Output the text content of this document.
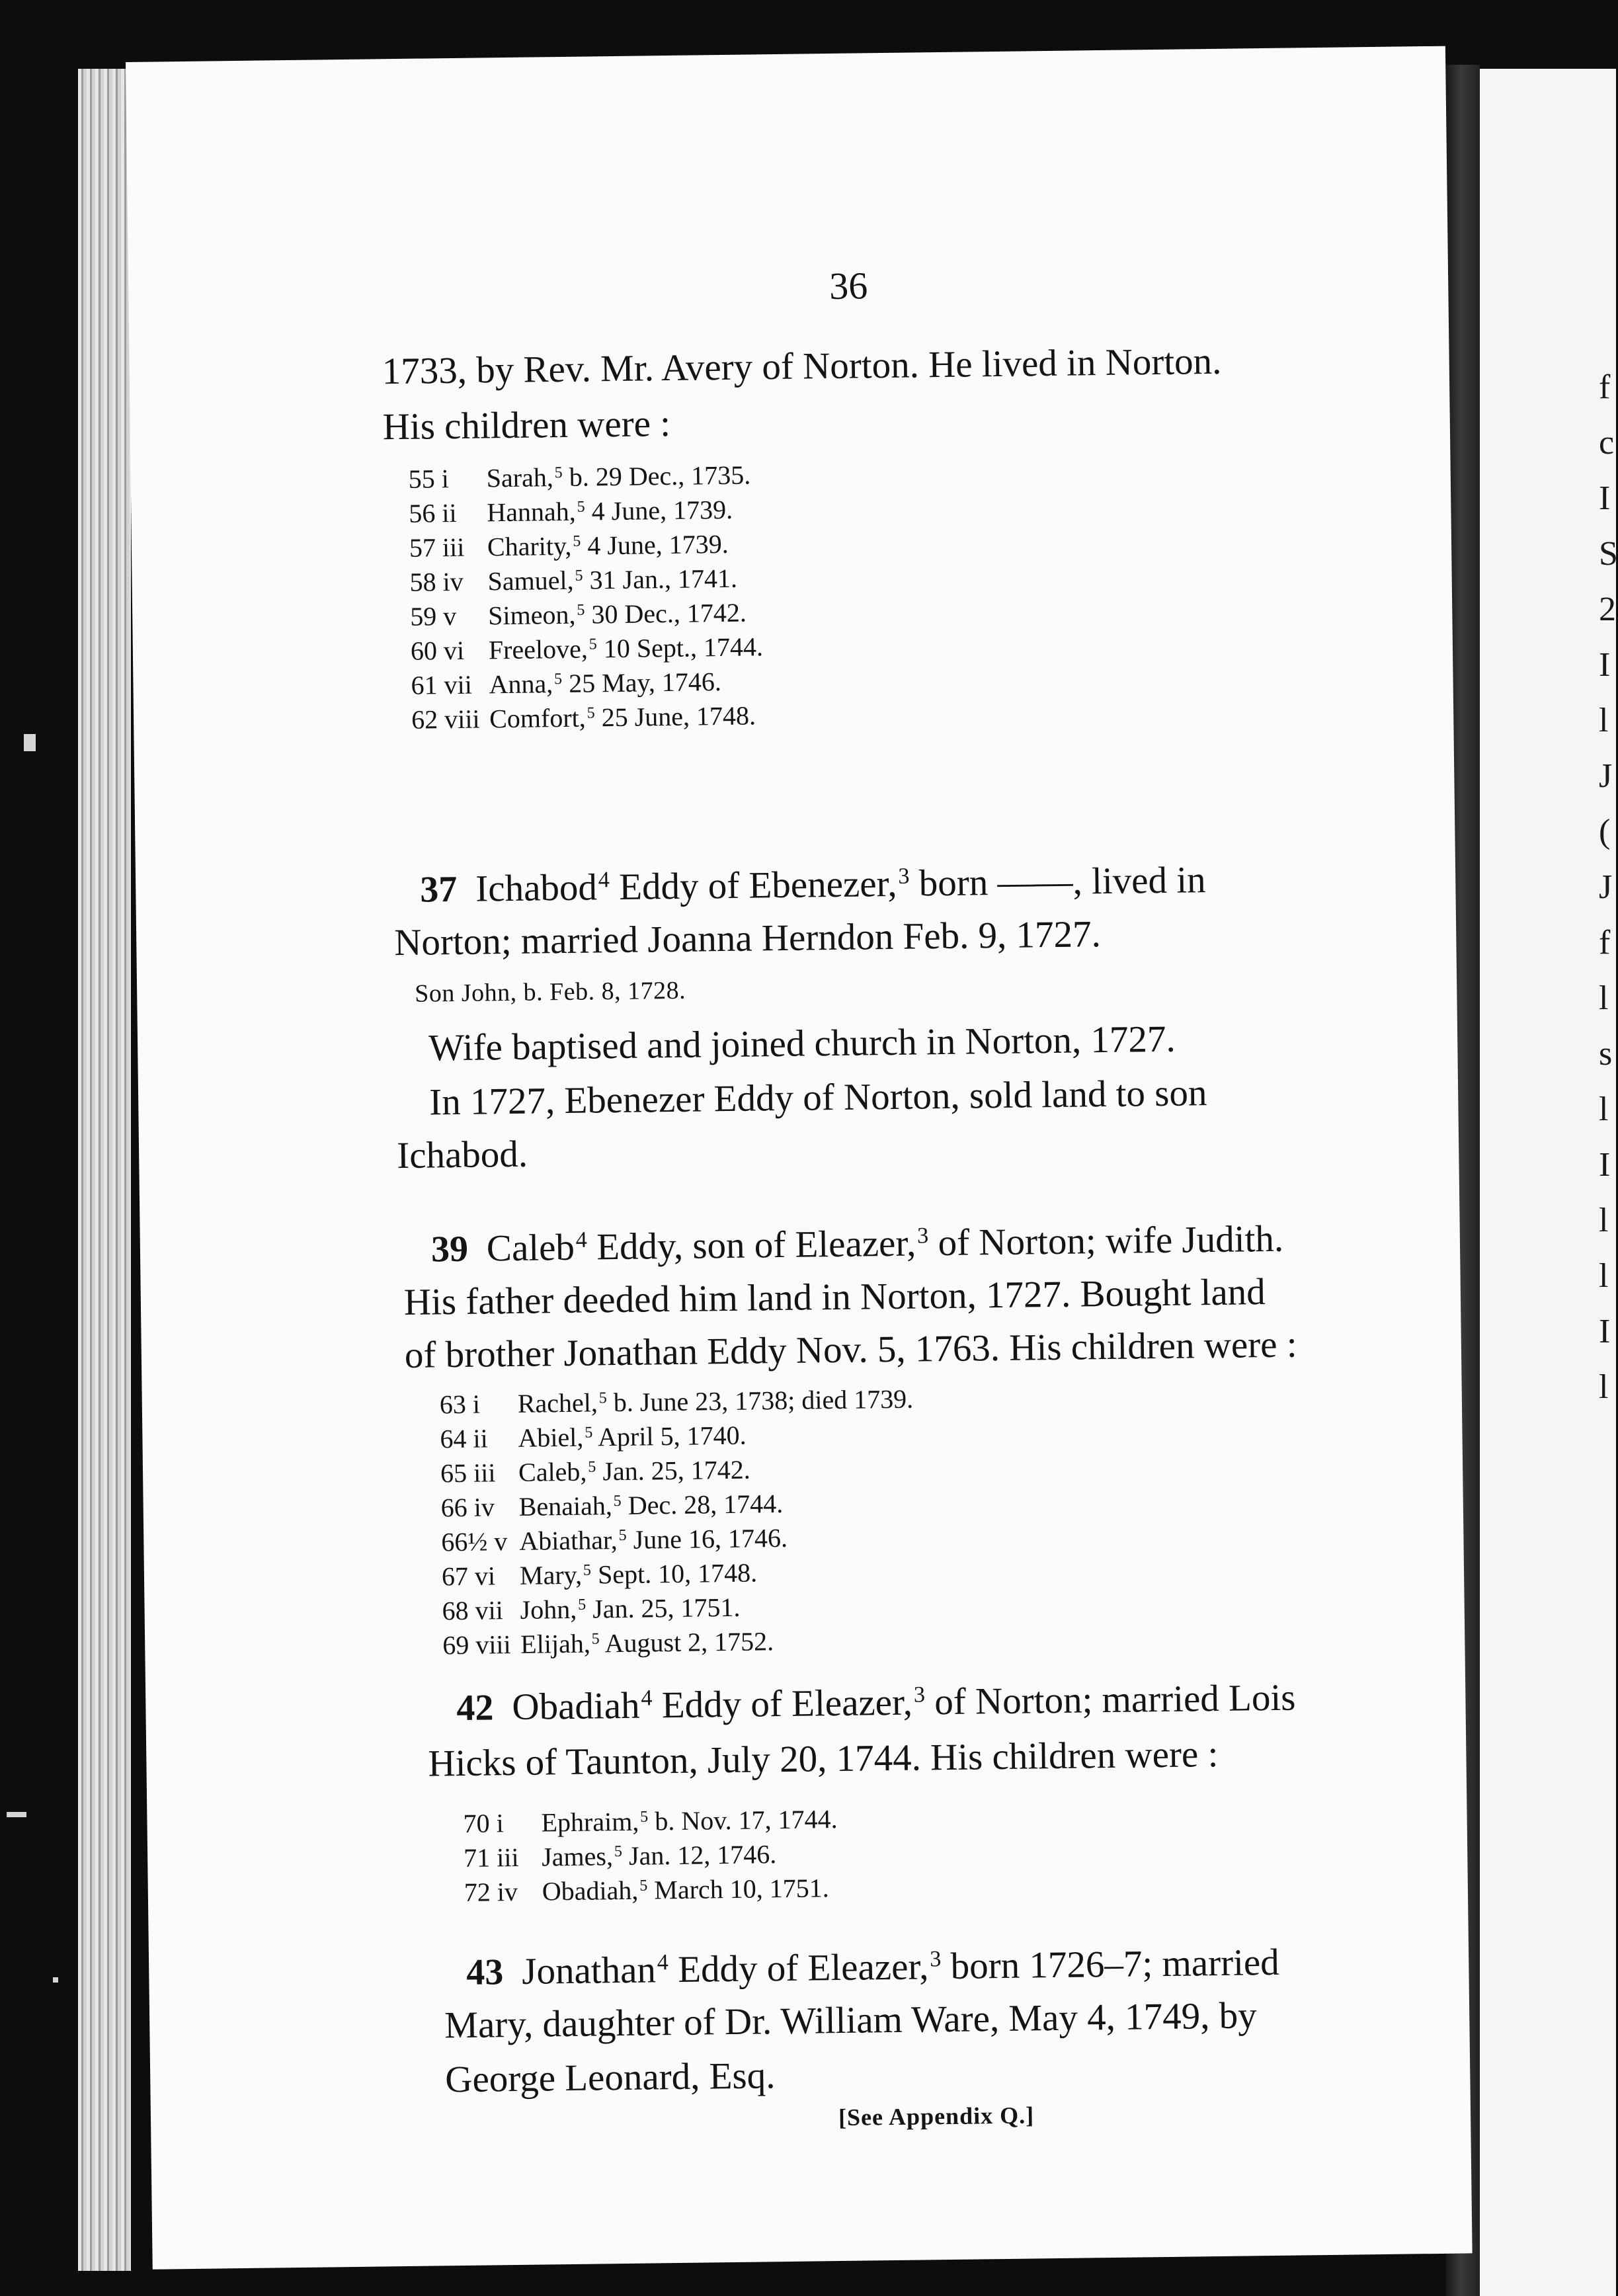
f
c
I
S
2
I
l
J
(
J
f
l
s
l
I
l
l
I
l
36
1733, by Rev. Mr. Avery of Norton. He lived in Norton.
His children were :
55 i Sarah,$^5$ b. 29 Dec., 1735.
56 ii Hannah,$^5$ 4 June, 1739.
57 iii Charity,$^5$ 4 June, 1739.
58 iv Samuel,$^5$ 31 Jan., 1741.
59 v Simeon,$^5$ 30 Dec., 1742.
60 vi Freelove,$^5$ 10 Sept., 1744.
61 vii Anna,$^5$ 25 May, 1746.
62 viii Comfort,$^5$ 25 June, 1748.
37 Ichabod$^4$ Eddy of Ebenezer,$^3$ born ——, lived in
Norton; married Joanna Herndon Feb. 9, 1727.
Son John, b. Feb. 8, 1728.
Wife baptised and joined church in Norton, 1727.
In 1727, Ebenezer Eddy of Norton, sold land to son
Ichabod.
39 Caleb$^4$ Eddy, son of Eleazer,$^3$ of Norton; wife Judith.
His father deeded him land in Norton, 1727. Bought land
of brother Jonathan Eddy Nov. 5, 1763. His children were :
63 i Rachel,$^5$ b. June 23, 1738; died 1739.
64 ii Abiel,$^5$ April 5, 1740.
65 iii Caleb,$^5$ Jan. 25, 1742.
66 iv Benaiah,$^5$ Dec. 28, 1744.
66½ v Abiathar,$^5$ June 16, 1746.
67 vi Mary,$^5$ Sept. 10, 1748.
68 vii John,$^5$ Jan. 25, 1751.
69 viii Elijah,$^5$ August 2, 1752.
42 Obadiah$^4$ Eddy of Eleazer,$^3$ of Norton; married Lois
Hicks of Taunton, July 20, 1744. His children were :
70 i Ephraim,$^5$ b. Nov. 17, 1744.
71 iii James,$^5$ Jan. 12, 1746.
72 iv Obadiah,$^5$ March 10, 1751.
43 Jonathan$^4$ Eddy of Eleazer,$^3$ born 1726–7; married
Mary, daughter of Dr. William Ware, May 4, 1749, by
George Leonard, Esq.
[See Appendix Q.]
